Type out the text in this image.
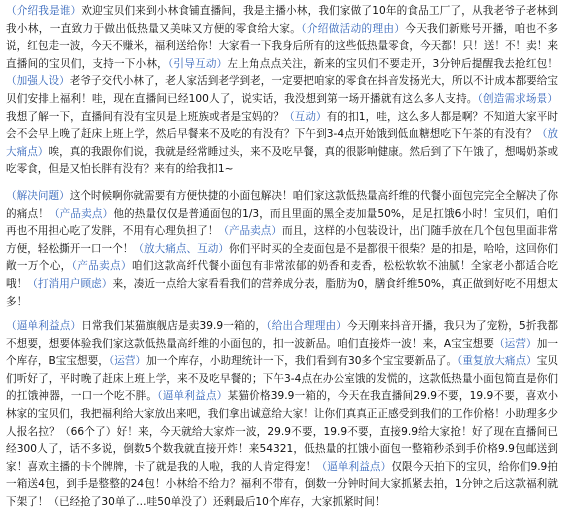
（介绍我是谁）欢迎宝贝们来到小林食铺直播间，我是主播小林，我们家做了10年的食品工厂了，从我老爷子老林到我小林，一直致力于做出低热量又美味又方便的零食给大家。（介绍做活动的理由）今天我们新账号开播，咱也不多说，红包走一波，今天不赚米，福利送给你！大家看一下我身后所有的这些低热量零食，今天都！只！送！不！卖！来直播间的宝贝们，支持一下小林，（引导互动）左上角点点关注，新来的宝贝们不要走开，3分钟后提醒我去抢红包！（加强人设）老爷子交代小林了，老人家活到老学到老，一定要把咱家的零食在抖音发扬光大，所以不计成本都要给宝贝们安排上福利！哇，现在直播间已经100人了，说实话，我没想到第一场开播就有这么多人支持。（创造需求场景）我想了解一下，直播间有没有宝贝是上班族或者是宝妈的？（互动）有的扣1，哇，这么多人都是啊？不知道大家平时会不会早上晚了赶床上班上学，然后早餐来不及吃的有没有？下午到3-4点开始饿到低血糖想吃下午茶的有没有？（放大痛点）唉，真的我跟你们说，我就是经常睡过头，来不及吃早餐，真的很影响健康。然后到了下午饿了，想喝奶茶或吃零食，但是又怕长胖有没有？来有的给我扣1~

（解决问题）这个时候啊你就需要有方便快捷的小面包解决！咱们家这款低热量高纤维的代餐小面包完完全全解决了你的痛点！（产品卖点）他的热量仅仅是普通面包的1/3，而且里面的黑全麦加量50%，足足扛饿6小时！宝贝们，咱们再也不用担心吃了发胖，不用有心理负担了！（产品卖点）而且，这样的小包装设计，出门随手放在几个包包里面非常方便，轻松撕开一口一个！（放大痛点、互动）你们平时买的全麦面包是不是都很干很柴？是的扣是，哈哈，这回你们敞一万个心，（产品卖点）咱们这款高纤代餐小面包有非常浓郁的奶香和麦香，松松软软不油腻！全家老小都适合吃哦！（打消用户顾虑）来，凑近一点给大家看看我们的营养成分表，脂肪为0，膳食纤维50%，真正做到好吃不用想太多！

（逼单利益点）日常我们某猫旗舰店是卖39.9一箱的，（给出合理理由）今天刚来抖音开播，我只为了宠粉，5折我都不想要，想要体验我们家这款低热量高纤维的小面包的，扣一波新品。咱们直接炸一波！来，A宝宝想要（运营）加一个库存，B宝宝想要，（运营）加一个库存，小助理统计一下，我们看到有30多个宝宝要新品了。（重复放大痛点）宝贝们听好了，平时晚了赶床上班上学，来不及吃早餐的；下午3-4点在办公室饿的发慌的，这款低热量小面包简直是你们的扛饿神器，一口一个吃不胖。（逼单利益点）某猫价格39.9一箱的，今天在我直播间29.9不要，19.9不要，喜欢小林家的宝贝们，我把福利给大家放出来吧，我们拿出诚意给大家！让你们真真正正感受到我们的工作价格！小助理多少人报名拉？（66个了）好！来，今天就给大家炸一波，29.9不要，19.9不要，直接9.9给大家抢！好了现在直播间已经300人了，话不多说，倒数5个数我就直接开炸！来54321，低热量的扛饿小面包一整箱秒杀到手价格9.9包邮送到家！喜欢主播的卡个牌牌，卡了就是我的人啦，我的人肯定得宠！（逼单利益点）仅限今天拍下的宝贝，给你们9.9拍一箱送4包，到手是整整的24包！小林给不给力？福利不带有，倒数一分钟时间大家抓紧去拍，1分钟之后这款福利就下架了！（已经抢了30单了…哇50单没了）还剩最后10个库存，大家抓紧时间！
